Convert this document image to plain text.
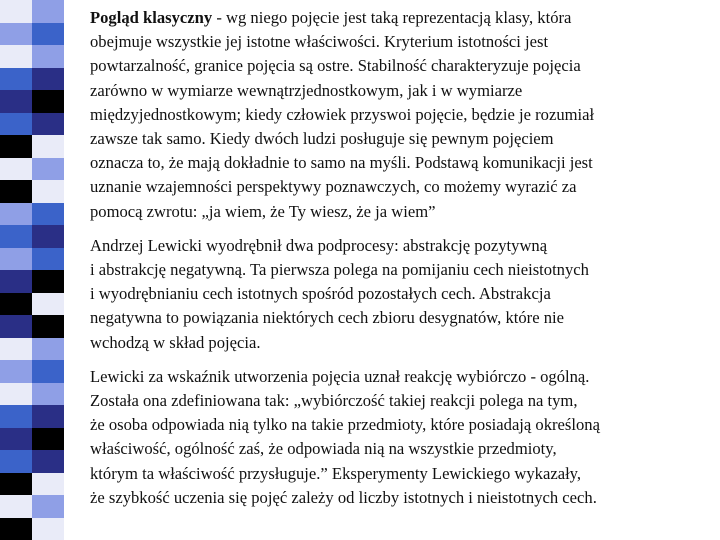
Pogląd klasyczny - wg niego pojęcie jest taką reprezentacją klasy, która
obejmuje wszystkie jej istotne właściwości. Kryterium istotności jest
powtarzalność, granice pojęcia są ostre. Stabilność charakteryzuje pojęcia
zarówno w wymiarze wewnątrzjednostkowym, jak i w wymiarze
międzyjednostkowym; kiedy człowiek przyswoi pojęcie, będzie je rozumiał
zawsze tak samo. Kiedy dwóch ludzi posługuje się pewnym pojęciem
oznacza to, że mają dokładnie to samo na myśli. Podstawą komunikacji jest
uznanie wzajemności perspektywy poznawczych, co możemy wyrazić za
pomocą zwrotu: „ja wiem, że Ty wiesz, że ja wiem”
Andrzej Lewicki wyodrębnił dwa podprocesy: abstrakcję pozytywną
i abstrakcję negatywną. Ta pierwsza polega na pomijaniu cech nieistotnych
i wyodrębnianiu cech istotnych spośród pozostałych cech. Abstrakcja
negatywna to powiązania niektórych cech zbioru desygnatów, które nie
wchodzą w skład pojęcia.
Lewicki za wskaźnik utworzenia pojęcia uznał reakcję wybiórczo - ogólną.
Została ona zdefiniowana tak: „wybiórczość takiej reakcji polega na tym,
że osoba odpowiada nią tylko na takie przedmioty, które posiadają określoną
właściwość, ogólność zaś, że odpowiada nią na wszystkie przedmioty,
którym ta właściwość przysługuje.” Eksperymenty Lewickiego wykazały,
że szybkość uczenia się pojęć zależy od liczby istotnych i nieistotnych cech.
